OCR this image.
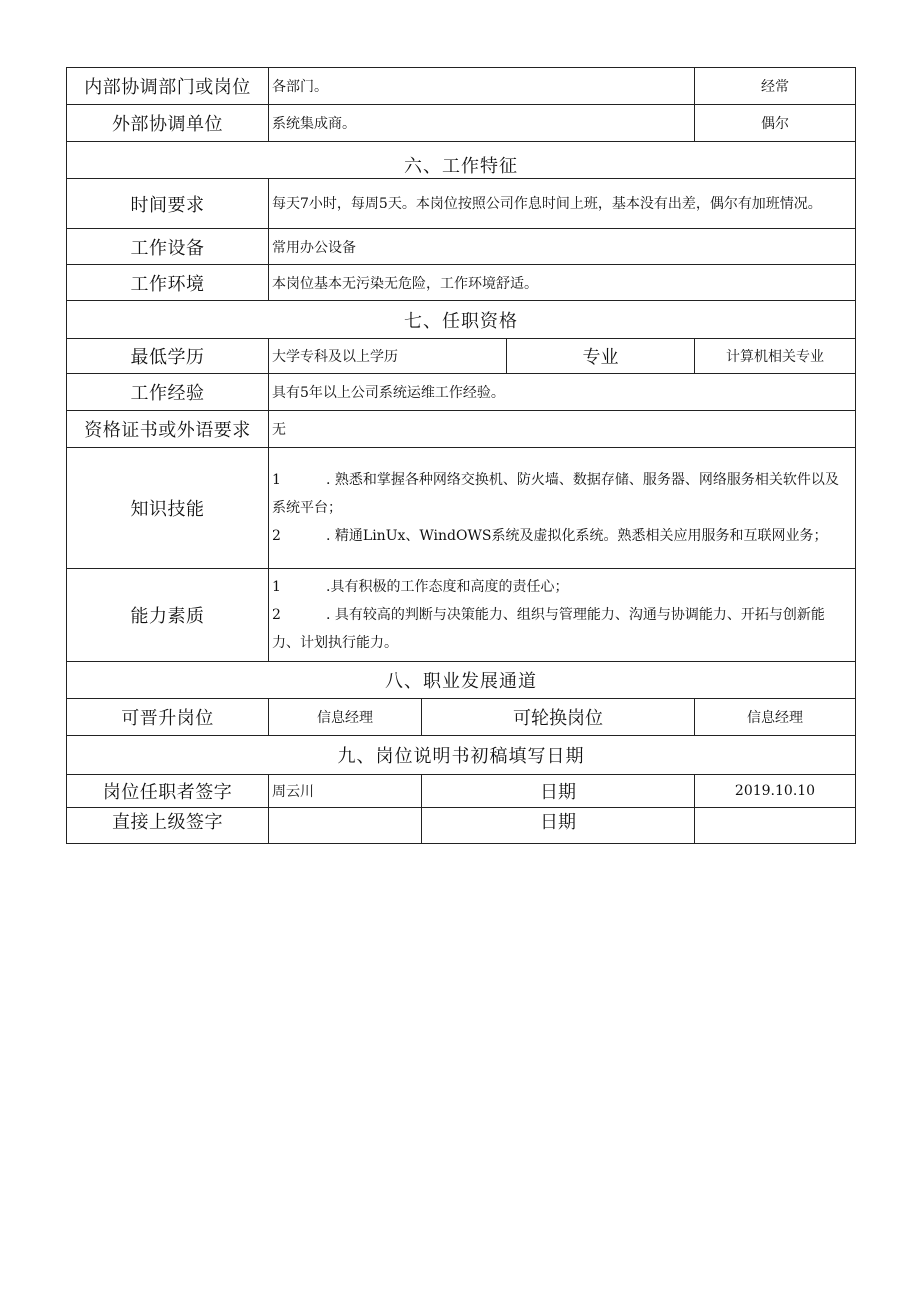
内部协调部门或岗位	各部门。			经常
外部协调单位	系统集成商。			偶尔
六、工作特征				
时间要求	每天7小时，每周5天。本岗位按照公司作息时间上班，基本没有出差，偶尔有加班情况。			
工作设备	常用办公设备			
工作环境	本岗位基本无污染无危险，工作环境舒适。			
七、任职资格				
最低学历	大学专科及以上学历		专业	计算机相关专业
工作经验	具有5年以上公司系统运维工作经验。			
资格证书或外语要求	无			
知识技能	1 . 熟悉和掌握各种网络交换机、防火墙、数据存储、服务器、网络服务相关软件以及系统平台；
2 . 精通LinUx、WindOWS系统及虚拟化系统。熟悉相关应用服务和互联网业务；			

能力素质	1 .具有积极的工作态度和高度的责任心；
2 . 具有较高的判断与决策能力、组织与管理能力、沟通与协调能力、开拓与创新能力、计划执行能力。			

八、职业发展通道				
可晋升岗位	信息经理	可轮换岗位		信息经理
九、岗位说明书初稿填写日期				
岗位任职者签字	周云川	日期		2019.10.10
直接上级签字		日期		
